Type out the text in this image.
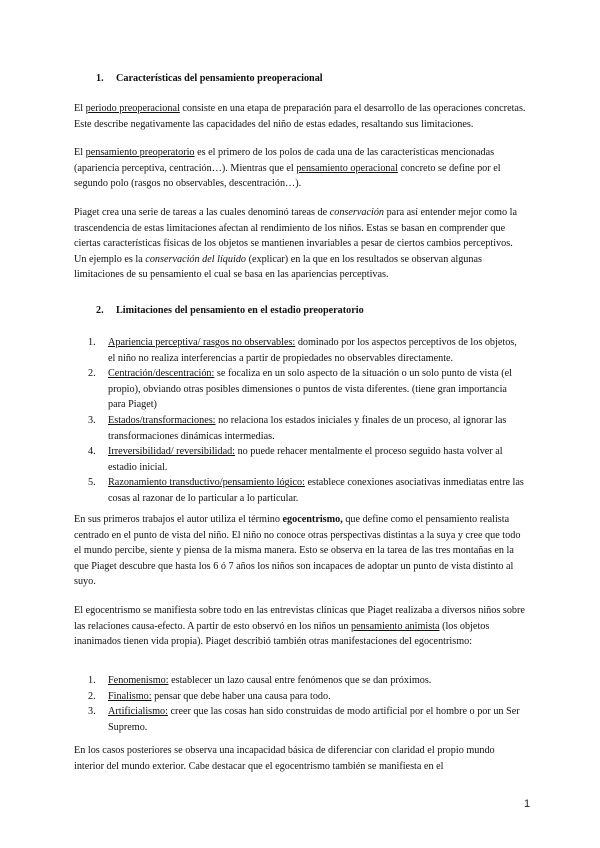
1. Características del pensamiento preoperacional

El periodo preoperacional consiste en una etapa de preparación para el desarrollo de las operaciones concretas. Este describe negativamente las capacidades del niño de estas edades, resaltando sus limitaciones.

El pensamiento preoperatorio es el primero de los polos de cada una de las características mencionadas (apariencia perceptiva, centración…). Mientras que el pensamiento operacional concreto se define por el segundo polo (rasgos no observables, descentración…).

Piaget crea una serie de tareas a las cuales denominó tareas de conservación para así entender mejor como la trascendencia de estas limitaciones afectan al rendimiento de los niños. Estas se basan en comprender que ciertas características físicas de los objetos se mantienen invariables a pesar de ciertos cambios perceptivos. Un ejemplo es la conservación del líquido (explicar) en la que en los resultados se observan algunas limitaciones de su pensamiento el cual se basa en las apariencias perceptivas.

2. Limitaciones del pensamiento en el estadio preoperatorio
1. Apariencia perceptiva/ rasgos no observables: dominado por los aspectos perceptivos de los objetos, el niño no realiza interferencias a partir de propiedades no observables directamente.
2. Centración/descentración: se focaliza en un solo aspecto de la situación o un solo punto de vista (el propio), obviando otras posibles dimensiones o puntos de vista diferentes. (tiene gran importancia para Piaget)
3. Estados/transformaciones: no relaciona los estados iniciales y finales de un proceso, al ignorar las transformaciones dinámicas intermedias.
4. Irreversibilidad/ reversibilidad: no puede rehacer mentalmente el proceso seguido hasta volver al estadio inicial.
5. Razonamiento transductivo/pensamiento lógico: establece conexiones asociativas inmediatas entre las cosas al razonar de lo particular a lo particular.

En sus primeros trabajos el autor utiliza el término egocentrismo, que define como el pensamiento realista centrado en el punto de vista del niño. El niño no conoce otras perspectivas distintas a la suya y cree que todo el mundo percibe, siente y piensa de la misma manera. Esto se observa en la tarea de las tres montañas en la que Piaget descubre que hasta los 6 ó 7 años los niños son incapaces de adoptar un punto de vista distinto al suyo.

El egocentrismo se manifiesta sobre todo en las entrevistas clínicas que Piaget realizaba a diversos niños sobre las relaciones causa-efecto. A partir de esto observó en los niños un pensamiento animista (los objetos inanimados tienen vida propia). Piaget describió también otras manifestaciones del egocentrismo:

1. Fenomenismo: establecer un lazo causal entre fenómenos que se dan próximos.
2. Finalismo: pensar que debe haber una causa para todo.
3. Artificialismo: creer que las cosas han sido construidas de modo artificial por el hombre o por un Ser Supremo.

En los casos posteriores se observa una incapacidad básica de diferenciar con claridad el propio mundo interior del mundo exterior. Cabe destacar que el egocentrismo también se manifiesta en el

1
